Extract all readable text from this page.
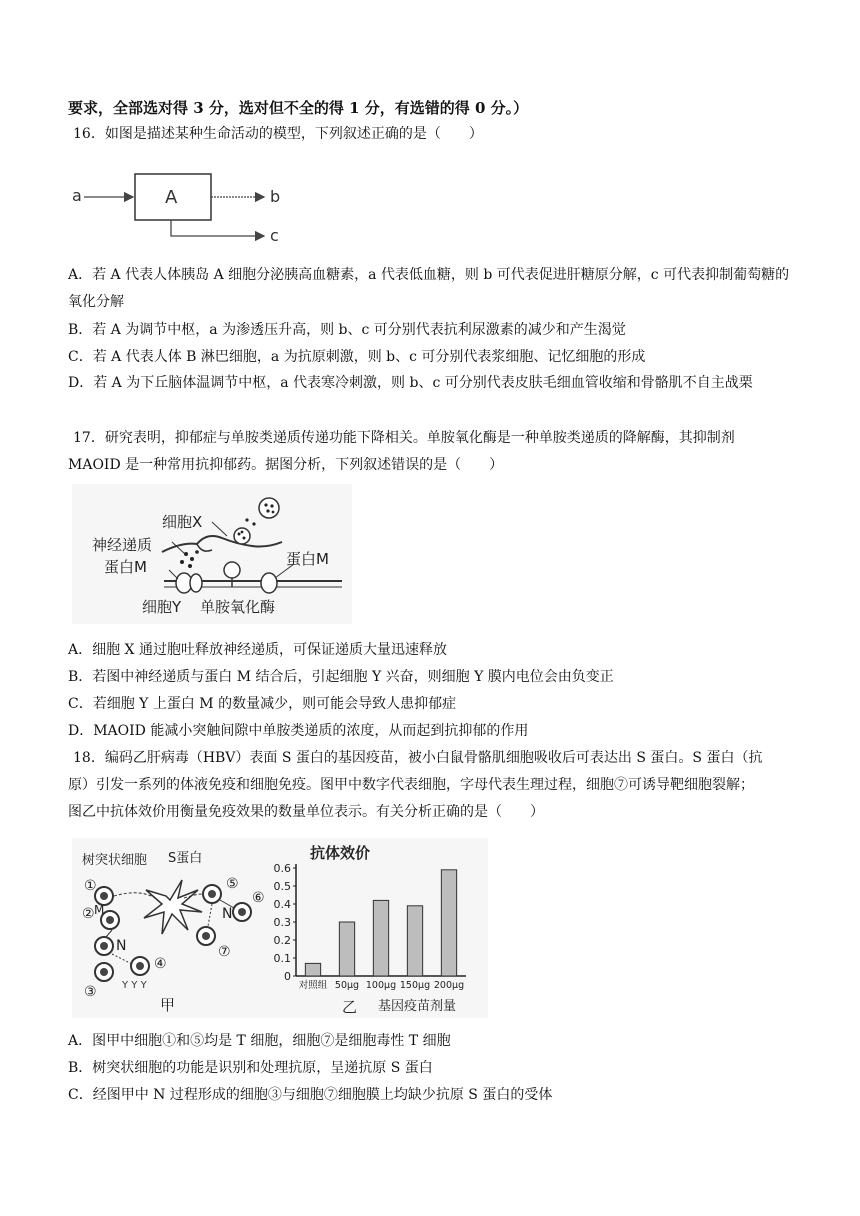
要求，全部选对得 3 分，选对但不全的得 1 分，有选错的得 0 分。）
16．如图是描述某种生命活动的模型，下列叙述正确的是（　　）
a	A	b
c
A．若 A 代表人体胰岛 A 细胞分泌胰高血糖素，a 代表低血糖，则 b 可代表促进肝糖原分解，c 可代表抑制葡萄糖的氧化分解
B．若 A 为调节中枢，a 为渗透压升高，则 b、c 可分别代表抗利尿激素的减少和产生渴觉
C．若 A 代表人体 B 淋巴细胞，a 为抗原刺激，则 b、c 可分别代表浆细胞、记忆细胞的形成
D．若 A 为下丘脑体温调节中枢，a 代表寒冷刺激，则 b、c 可分别代表皮肤毛细血管收缩和骨骼肌不自主战栗
17．研究表明，抑郁症与单胺类递质传递功能下降相关。单胺氧化酶是一种单胺类递质的降解酶，其抑制剂
MAOID 是一种常用抗抑郁药。据图分析，下列叙述错误的是（　　）
细胞X
神经递质
蛋白M	蛋白M
细胞Y 单胺氧化酶
A．细胞 X 通过胞吐释放神经递质，可保证递质大量迅速释放
B．若图中神经递质与蛋白 M 结合后，引起细胞 Y 兴奋，则细胞 Y 膜内电位会由负变正
C．若细胞 Y 上蛋白 M 的数量减少，则可能会导致人患抑郁症
D．MAOID 能减小突触间隙中单胺类递质的浓度，从而起到抗抑郁的作用
18．编码乙肝病毒（HBV）表面 S 蛋白的基因疫苗，被小白鼠骨骼肌细胞吸收后可表达出 S 蛋白。S 蛋白（抗
原）引发一系列的体液免疫和细胞免疫。图甲中数字代表细胞，字母代表生理过程，细胞⑦可诱导靶细胞裂解；
图乙中抗体效价用衡量免疫效果的数量单位表示。有关分析正确的是（　　）
树突状细胞 S蛋白
Y Y Y
①
② M
N
③
④
⑤
⑥
N
⑦
甲
0
0.1
0.2
0.3
0.4
0.5
0.6
对照组 50μg 100μg 150μg 200μg
抗体效价
乙 基因疫苗剂量
A．图甲中细胞①和⑤均是 T 细胞，细胞⑦是细胞毒性 T 细胞
B．树突状细胞的功能是识别和处理抗原，呈递抗原 S 蛋白
C．经图甲中 N 过程形成的细胞③与细胞⑦细胞膜上均缺少抗原 S 蛋白的受体
